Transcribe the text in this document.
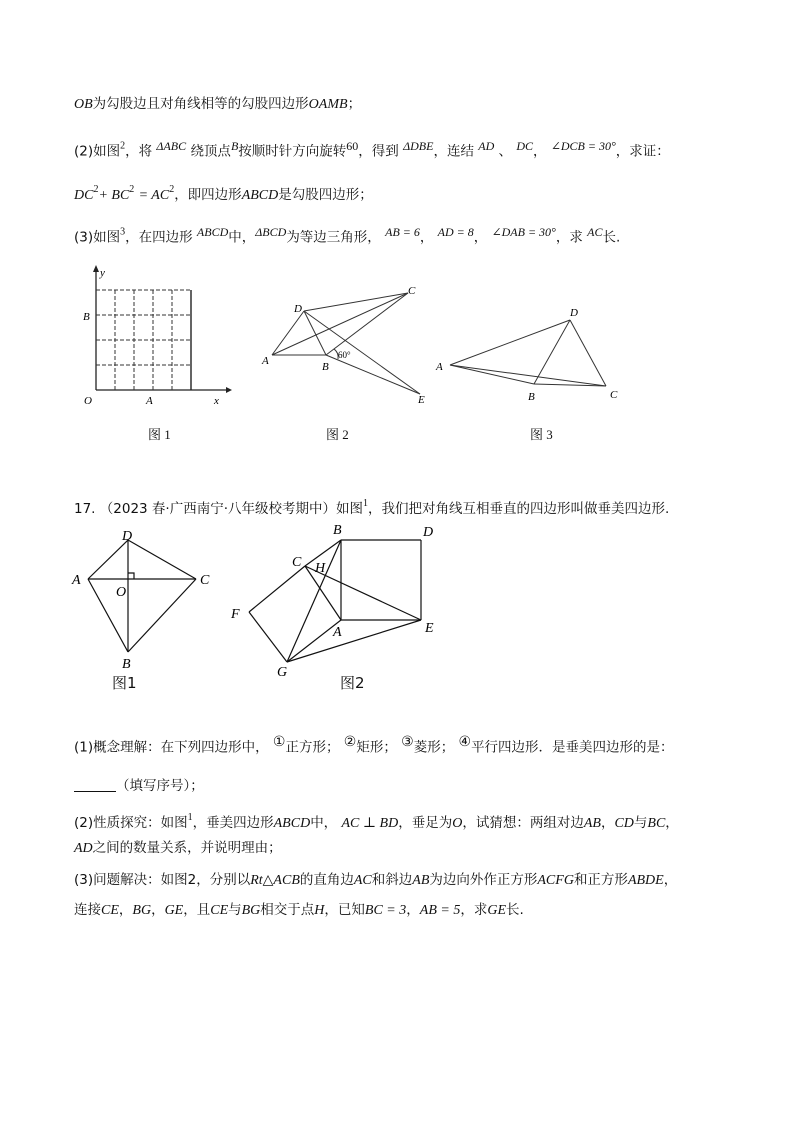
OB为勾股边且对角线相等的勾股四边形OAMB；
(2)如图$^2$，将 $^{\Delta ABC}$ 绕顶点$^B$按顺时针方向旋转$^{60}$，得到 $^{\Delta DBE}$，连结 $^{AD}$ 、 $^{DC}$， $^{\angle DCB = 30^\circ}$，求证：
$DC^2+ BC^2 = AC^2$，即四边形ABCD是勾股四边形；
(3)如图$^3$，在四边形 $^{ABCD}$中，$^{\Delta BCD}$为等边三角形， $^{AB = 6}$， $^{AD = 8}$， $^{\angle DAB = 30^\circ}$，求 $^{AC}$长.
y
x
O	A
B
D
C
A	B
E
60°
A
B	C
D
图 1	图 2	图 3
17. （2023 春·广西南宁·八年级校考期中）如图$^1$，我们把对角线互相垂直的四边形叫做垂美四边形.
D
A
O
C
B
B	D
C H
F
A	E
G
图1	图2
(1)概念理解：在下列四边形中， ①正方形； ②矩形； ③菱形； ④平行四边形．是垂美四边形的是：
（填写序号）；
(2)性质探究：如图$^1$，垂美四边形ABCD中， AC ⊥ BD，垂足为O，试猜想：两组对边AB，CD与BC，
AD之间的数量关系，并说明理由；
(3)问题解决：如图2，分别以Rt△ACB的直角边AC和斜边AB为边向外作正方形ACFG和正方形ABDE，
连接CE，BG，GE，且CE与BG相交于点H，已知BC = 3，AB = 5，求GE长.
